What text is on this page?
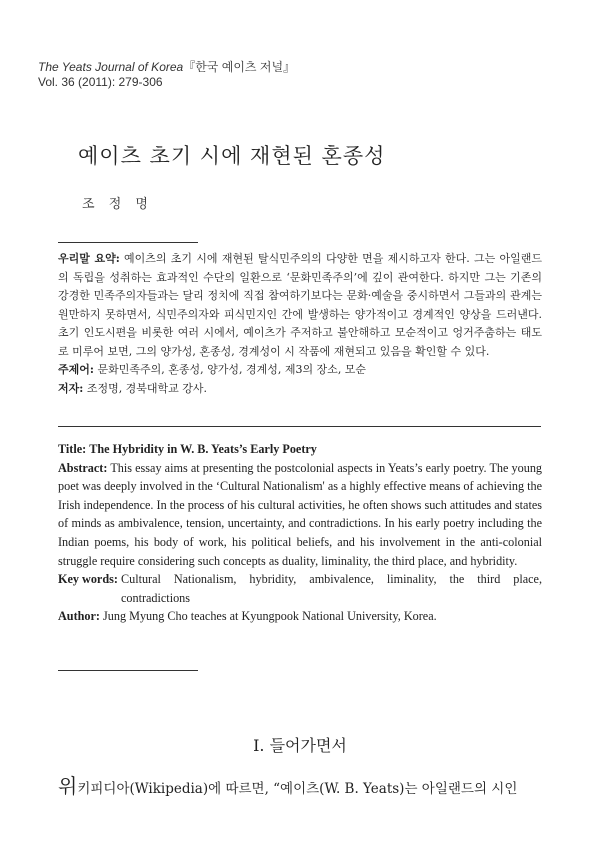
The Yeats Journal of Korea『한국 예이츠 저널』
Vol. 36 (2011): 279-306
예이츠 초기 시에 재현된 혼종성
조 정 명
우리말 요약: 예이츠의 초기 시에 재현된 탈식민주의의 다양한 면을 제시하고자 한다. 그는 아일랜드의 독립을 성취하는 효과적인 수단의 일환으로 ‘문화민족주의’에 깊이 관여한다. 하지만 그는 기존의 강경한 민족주의자들과는 달리 정치에 직접 참여하기보다는 문화·예술을 중시하면서 그들과의 관계는 원만하지 못하면서, 식민주의자와 피식민지인 간에 발생하는 양가적이고 경계적인 양상을 드러낸다. 초기 인도시편을 비롯한 여러 시에서, 예이츠가 주저하고 불안해하고 모순적이고 엉거주춤하는 태도로 미루어 보면, 그의 양가성, 혼종성, 경계성이 시 작품에 재현되고 있음을 확인할 수 있다.
주제어: 문화민족주의, 혼종성, 양가성, 경계성, 제3의 장소, 모순
저자: 조정명, 경북대학교 강사.
Title: The Hybridity in W. B. Yeats’s Early Poetry
Abstract: This essay aims at presenting the postcolonial aspects in Yeats’s early poetry. The young poet was deeply involved in the ‘Cultural Nationalism' as a highly effective means of achieving the Irish independence. In the process of his cultural activities, he often shows such attitudes and states of minds as ambivalence, tension, uncertainty, and contradictions. In his early poetry including the Indian poems, his body of work, his political beliefs, and his involvement in the anti-colonial struggle require considering such concepts as duality, liminality, the third place, and hybridity.
Key words:
Cultural Nationalism, hybridity, ambivalence, liminality, the third place, contradictions
Author: Jung Myung Cho teaches at Kyungpook National University, Korea.
I. 들어가면서
위키피디아(Wikipedia)에 따르면, “예이츠(W. B. Yeats)는 아일랜드의 시인
